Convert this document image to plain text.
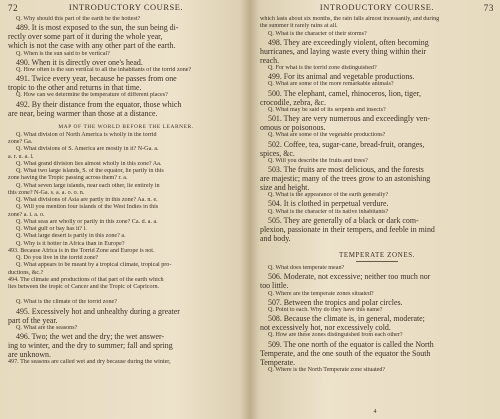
72	INTRODUCTORY COURSE.
Q. Why should this part of the earth be the hottest?
489. It is most exposed to the sun, the sun being di-
rectly over some part of it during the whole year,
which is not the case with any other part of the earth.
Q. When is the sun said to be vertical?
490. When it is directly over one's head.
Q. How often is the sun vertical to all the inhabitants of the torrid zone?
491. Twice every year, because he passes from one
tropic to the other and returns in that time.
Q. How can we determine the temperature of different places?
492. By their distance from the equator, those which
are near, being warmer than those at a distance.
MAP OF THE WORLD BEFORE THE LEARNER.
Q. What division of North America is wholly in the torrid
zone? Ga.
Q. What divisions of S. America are mostly in it? N-Ga. a.
a. r. u. a. l.
Q. What grand division lies almost wholly in this zone? Aa.
Q. What two large islands, S. of the equator, lie partly in this
zone having the Tropic passing across them? r. a.
Q. What seven large islands, near each other, lie entirely in
this zone? N-Ga. s. a. a. o. o. n.
Q. What divisions of Asia are partly in this zone? Aa. n. e.
Q. Will you mention four islands of the West Indies in this
zone? a. i. a. o.
Q. What seas are wholly or partly in this zone? Ca. d. a. a.
Q. What gulf or bay has it? l.
Q. What large desert is partly in this zone? a.
Q. Why is it hotter in Africa than in Europe?
493. Because Africa is in the Torrid Zone and Europe is not.
Q. Do you live in the torrid zone?
Q. What appears to be meant by a tropical climate, tropical pro-
ductions, &c.?
494. The climate and productions of that part of the earth which
lies between the tropic of Cancer and the Tropic of Capricorn.
Q. What is the climate of the torrid zone?
495. Excessively hot and unhealthy during a greater
part of the year.
Q. What are the seasons?
496. Two; the wet and the dry; the wet answer-
ing to winter, and the dry to summer; fall and spring
are unknown.
497. The seasons are called wet and dry because during the winter,
INTRODUCTORY COURSE.	73
which lasts about six months, the rain falls almost incessantly, and during
the summer it rarely rains at all.
Q. What is the character of their storms?
498. They are exceedingly violent, often becoming
hurricanes, and laying waste every thing within their
reach.
Q. For what is the torrid zone distinguished?
499. For its animal and vegetable productions.
Q. What are some of the more remarkable animals?
500. The elephant, camel, rhinoceros, lion, tiger,
crocodile, zebra, &c.
Q. What may be said of its serpents and insects?
501. They are very numerous and exceedingly ven-
omous or poisonous.
Q. What are some of the vegetable productions?
502. Coffee, tea, sugar-cane, bread-fruit, oranges,
spices, &c.
Q. Will you describe the fruits and trees?
503. The fruits are most delicious, and the forests
are majestic; many of the trees grow to an astonishing
size and height.
Q. What is the appearance of the earth generally?
504. It is clothed in perpetual verdure.
Q. What is the character of its native inhabitants?
505. They are generally of a black or dark com-
plexion, passionate in their tempers, and feeble in mind
and body.
TEMPERATE ZONES.
Q. What does temperate mean?
506. Moderate, not excessive; neither too much nor
too little.
Q. Where are the temperate zones situated?
507. Between the tropics and polar circles.
Q. Point to each. Why do they have this name?
508. Because the climate is, in general, moderate;
not excessively hot, nor excessively cold.
Q. How are these zones distinguished from each other?
509. The one north of the equator is called the North
Temperate, and the one south of the equator the South
Temperate.
Q. Where is the North Temperate zone situated?
4
